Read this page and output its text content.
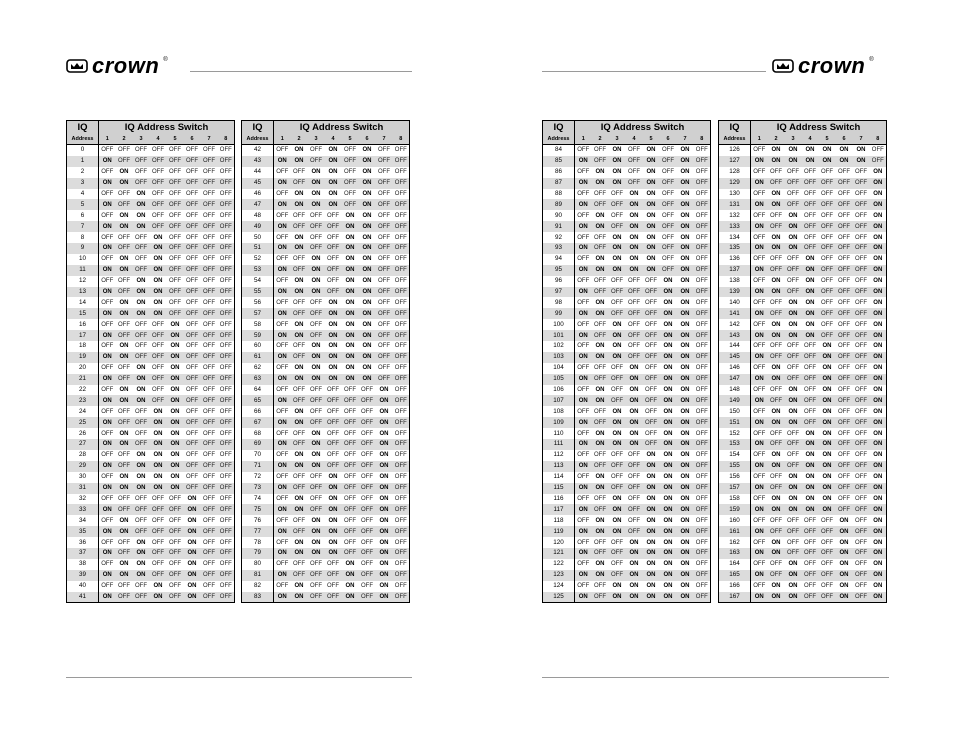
crown ®	crown ®
IQ	IQ Address Switch							
Address	1	2	3	4	5	6	7	8
0	OFF	OFF	OFF	OFF	OFF	OFF	OFF	OFF
1	ON	OFF	OFF	OFF	OFF	OFF	OFF	OFF
2	OFF	ON	OFF	OFF	OFF	OFF	OFF	OFF
3	ON	ON	OFF	OFF	OFF	OFF	OFF	OFF
4	OFF	OFF	ON	OFF	OFF	OFF	OFF	OFF
5	ON	OFF	ON	OFF	OFF	OFF	OFF	OFF
6	OFF	ON	ON	OFF	OFF	OFF	OFF	OFF
7	ON	ON	ON	OFF	OFF	OFF	OFF	OFF
8	OFF	OFF	OFF	ON	OFF	OFF	OFF	OFF
9	ON	OFF	OFF	ON	OFF	OFF	OFF	OFF
10	OFF	ON	OFF	ON	OFF	OFF	OFF	OFF
11	ON	ON	OFF	ON	OFF	OFF	OFF	OFF
12	OFF	OFF	ON	ON	OFF	OFF	OFF	OFF
13	ON	OFF	ON	ON	OFF	OFF	OFF	OFF
14	OFF	ON	ON	ON	OFF	OFF	OFF	OFF
15	ON	ON	ON	ON	OFF	OFF	OFF	OFF
16	OFF	OFF	OFF	OFF	ON	OFF	OFF	OFF
17	ON	OFF	OFF	OFF	ON	OFF	OFF	OFF
18	OFF	ON	OFF	OFF	ON	OFF	OFF	OFF
19	ON	ON	OFF	OFF	ON	OFF	OFF	OFF
20	OFF	OFF	ON	OFF	ON	OFF	OFF	OFF
21	ON	OFF	ON	OFF	ON	OFF	OFF	OFF
22	OFF	ON	ON	OFF	ON	OFF	OFF	OFF
23	ON	ON	ON	OFF	ON	OFF	OFF	OFF
24	OFF	OFF	OFF	ON	ON	OFF	OFF	OFF
25	ON	OFF	OFF	ON	ON	OFF	OFF	OFF
26	OFF	ON	OFF	ON	ON	OFF	OFF	OFF
27	ON	ON	OFF	ON	ON	OFF	OFF	OFF
28	OFF	OFF	ON	ON	ON	OFF	OFF	OFF
29	ON	OFF	ON	ON	ON	OFF	OFF	OFF
30	OFF	ON	ON	ON	ON	OFF	OFF	OFF
31	ON	ON	ON	ON	ON	OFF	OFF	OFF
32	OFF	OFF	OFF	OFF	OFF	ON	OFF	OFF
33	ON	OFF	OFF	OFF	OFF	ON	OFF	OFF
34	OFF	ON	OFF	OFF	OFF	ON	OFF	OFF
35	ON	ON	OFF	OFF	OFF	ON	OFF	OFF
36	OFF	OFF	ON	OFF	OFF	ON	OFF	OFF
37	ON	OFF	ON	OFF	OFF	ON	OFF	OFF
38	OFF	ON	ON	OFF	OFF	ON	OFF	OFF
39	ON	ON	ON	OFF	OFF	ON	OFF	OFF
40	OFF	OFF	OFF	ON	OFF	ON	OFF	OFF
41	ON	OFF	OFF	ON	OFF	ON	OFF	OFF
IQ	IQ Address Switch							
Address	1	2	3	4	5	6	7	8
42	OFF	ON	OFF	ON	OFF	ON	OFF	OFF
43	ON	ON	OFF	ON	OFF	ON	OFF	OFF
44	OFF	OFF	ON	ON	OFF	ON	OFF	OFF
45	ON	OFF	ON	ON	OFF	ON	OFF	OFF
46	OFF	ON	ON	ON	OFF	ON	OFF	OFF
47	ON	ON	ON	ON	OFF	ON	OFF	OFF
48	OFF	OFF	OFF	OFF	ON	ON	OFF	OFF
49	ON	OFF	OFF	OFF	ON	ON	OFF	OFF
50	OFF	ON	OFF	OFF	ON	ON	OFF	OFF
51	ON	ON	OFF	OFF	ON	ON	OFF	OFF
52	OFF	OFF	ON	OFF	ON	ON	OFF	OFF
53	ON	OFF	ON	OFF	ON	ON	OFF	OFF
54	OFF	ON	ON	OFF	ON	ON	OFF	OFF
55	ON	ON	ON	OFF	ON	ON	OFF	OFF
56	OFF	OFF	OFF	ON	ON	ON	OFF	OFF
57	ON	OFF	OFF	ON	ON	ON	OFF	OFF
58	OFF	ON	OFF	ON	ON	ON	OFF	OFF
59	ON	ON	OFF	ON	ON	ON	OFF	OFF
60	OFF	OFF	ON	ON	ON	ON	OFF	OFF
61	ON	OFF	ON	ON	ON	ON	OFF	OFF
62	OFF	ON	ON	ON	ON	ON	OFF	OFF
63	ON	ON	ON	ON	ON	ON	OFF	OFF
64	OFF	OFF	OFF	OFF	OFF	OFF	ON	OFF
65	ON	OFF	OFF	OFF	OFF	OFF	ON	OFF
66	OFF	ON	OFF	OFF	OFF	OFF	ON	OFF
67	ON	ON	OFF	OFF	OFF	OFF	ON	OFF
68	OFF	OFF	ON	OFF	OFF	OFF	ON	OFF
69	ON	OFF	ON	OFF	OFF	OFF	ON	OFF
70	OFF	ON	ON	OFF	OFF	OFF	ON	OFF
71	ON	ON	ON	OFF	OFF	OFF	ON	OFF
72	OFF	OFF	OFF	ON	OFF	OFF	ON	OFF
73	ON	OFF	OFF	ON	OFF	OFF	ON	OFF
74	OFF	ON	OFF	ON	OFF	OFF	ON	OFF
75	ON	ON	OFF	ON	OFF	OFF	ON	OFF
76	OFF	OFF	ON	ON	OFF	OFF	ON	OFF
77	ON	OFF	ON	ON	OFF	OFF	ON	OFF
78	OFF	ON	ON	ON	OFF	OFF	ON	OFF
79	ON	ON	ON	ON	OFF	OFF	ON	OFF
80	OFF	OFF	OFF	OFF	ON	OFF	ON	OFF
81	ON	OFF	OFF	OFF	ON	OFF	ON	OFF
82	OFF	ON	OFF	OFF	ON	OFF	ON	OFF
83	ON	ON	OFF	OFF	ON	OFF	ON	OFF
IQ	IQ Address Switch							
Address	1	2	3	4	5	6	7	8
84	OFF	OFF	ON	OFF	ON	OFF	ON	OFF
85	ON	OFF	ON	OFF	ON	OFF	ON	OFF
86	OFF	ON	ON	OFF	ON	OFF	ON	OFF
87	ON	ON	ON	OFF	ON	OFF	ON	OFF
88	OFF	OFF	OFF	ON	ON	OFF	ON	OFF
89	ON	OFF	OFF	ON	ON	OFF	ON	OFF
90	OFF	ON	OFF	ON	ON	OFF	ON	OFF
91	ON	ON	OFF	ON	ON	OFF	ON	OFF
92	OFF	OFF	ON	ON	ON	OFF	ON	OFF
93	ON	OFF	ON	ON	ON	OFF	ON	OFF
94	OFF	ON	ON	ON	ON	OFF	ON	OFF
95	ON	ON	ON	ON	ON	OFF	ON	OFF
96	OFF	OFF	OFF	OFF	OFF	ON	ON	OFF
97	ON	OFF	OFF	OFF	OFF	ON	ON	OFF
98	OFF	ON	OFF	OFF	OFF	ON	ON	OFF
99	ON	ON	OFF	OFF	OFF	ON	ON	OFF
100	OFF	OFF	ON	OFF	OFF	ON	ON	OFF
101	ON	OFF	ON	OFF	OFF	ON	ON	OFF
102	OFF	ON	ON	OFF	OFF	ON	ON	OFF
103	ON	ON	ON	OFF	OFF	ON	ON	OFF
104	OFF	OFF	OFF	ON	OFF	ON	ON	OFF
105	ON	OFF	OFF	ON	OFF	ON	ON	OFF
106	OFF	ON	OFF	ON	OFF	ON	ON	OFF
107	ON	ON	OFF	ON	OFF	ON	ON	OFF
108	OFF	OFF	ON	ON	OFF	ON	ON	OFF
109	ON	OFF	ON	ON	OFF	ON	ON	OFF
110	OFF	ON	ON	ON	OFF	ON	ON	OFF
111	ON	ON	ON	ON	OFF	ON	ON	OFF
112	OFF	OFF	OFF	OFF	ON	ON	ON	OFF
113	ON	OFF	OFF	OFF	ON	ON	ON	OFF
114	OFF	ON	OFF	OFF	ON	ON	ON	OFF
115	ON	ON	OFF	OFF	ON	ON	ON	OFF
116	OFF	OFF	ON	OFF	ON	ON	ON	OFF
117	ON	OFF	ON	OFF	ON	ON	ON	OFF
118	OFF	ON	ON	OFF	ON	ON	ON	OFF
119	ON	ON	ON	OFF	ON	ON	ON	OFF
120	OFF	OFF	OFF	ON	ON	ON	ON	OFF
121	ON	OFF	OFF	ON	ON	ON	ON	OFF
122	OFF	ON	OFF	ON	ON	ON	ON	OFF
123	ON	ON	OFF	ON	ON	ON	ON	OFF
124	OFF	OFF	ON	ON	ON	ON	ON	OFF
125	ON	OFF	ON	ON	ON	ON	ON	OFF
IQ	IQ Address Switch							
Address	1	2	3	4	5	6	7	8
126	OFF	ON	ON	ON	ON	ON	ON	OFF
127	ON	ON	ON	ON	ON	ON	ON	OFF
128	OFF	OFF	OFF	OFF	OFF	OFF	OFF	ON
129	ON	OFF	OFF	OFF	OFF	OFF	OFF	ON
130	OFF	ON	OFF	OFF	OFF	OFF	OFF	ON
131	ON	ON	OFF	OFF	OFF	OFF	OFF	ON
132	OFF	OFF	ON	OFF	OFF	OFF	OFF	ON
133	ON	OFF	ON	OFF	OFF	OFF	OFF	ON
134	OFF	ON	ON	OFF	OFF	OFF	OFF	ON
135	ON	ON	ON	OFF	OFF	OFF	OFF	ON
136	OFF	OFF	OFF	ON	OFF	OFF	OFF	ON
137	ON	OFF	OFF	ON	OFF	OFF	OFF	ON
138	OFF	ON	OFF	ON	OFF	OFF	OFF	ON
139	ON	ON	OFF	ON	OFF	OFF	OFF	ON
140	OFF	OFF	ON	ON	OFF	OFF	OFF	ON
141	ON	OFF	ON	ON	OFF	OFF	OFF	ON
142	OFF	ON	ON	ON	OFF	OFF	OFF	ON
143	ON	ON	ON	ON	OFF	OFF	OFF	ON
144	OFF	OFF	OFF	OFF	ON	OFF	OFF	ON
145	ON	OFF	OFF	OFF	ON	OFF	OFF	ON
146	OFF	ON	OFF	OFF	ON	OFF	OFF	ON
147	ON	ON	OFF	OFF	ON	OFF	OFF	ON
148	OFF	OFF	ON	OFF	ON	OFF	OFF	ON
149	ON	OFF	ON	OFF	ON	OFF	OFF	ON
150	OFF	ON	ON	OFF	ON	OFF	OFF	ON
151	ON	ON	ON	OFF	ON	OFF	OFF	ON
152	OFF	OFF	OFF	ON	ON	OFF	OFF	ON
153	ON	OFF	OFF	ON	ON	OFF	OFF	ON
154	OFF	ON	OFF	ON	ON	OFF	OFF	ON
155	ON	ON	OFF	ON	ON	OFF	OFF	ON
156	OFF	OFF	ON	ON	ON	OFF	OFF	ON
157	ON	OFF	ON	ON	ON	OFF	OFF	ON
158	OFF	ON	ON	ON	ON	OFF	OFF	ON
159	ON	ON	ON	ON	ON	OFF	OFF	ON
160	OFF	OFF	OFF	OFF	OFF	ON	OFF	ON
161	ON	OFF	OFF	OFF	OFF	ON	OFF	ON
162	OFF	ON	OFF	OFF	OFF	ON	OFF	ON
163	ON	ON	OFF	OFF	OFF	ON	OFF	ON
164	OFF	OFF	ON	OFF	OFF	ON	OFF	ON
165	ON	OFF	ON	OFF	OFF	ON	OFF	ON
166	OFF	ON	ON	OFF	OFF	ON	OFF	ON
167	ON	ON	ON	OFF	OFF	ON	OFF	ON
